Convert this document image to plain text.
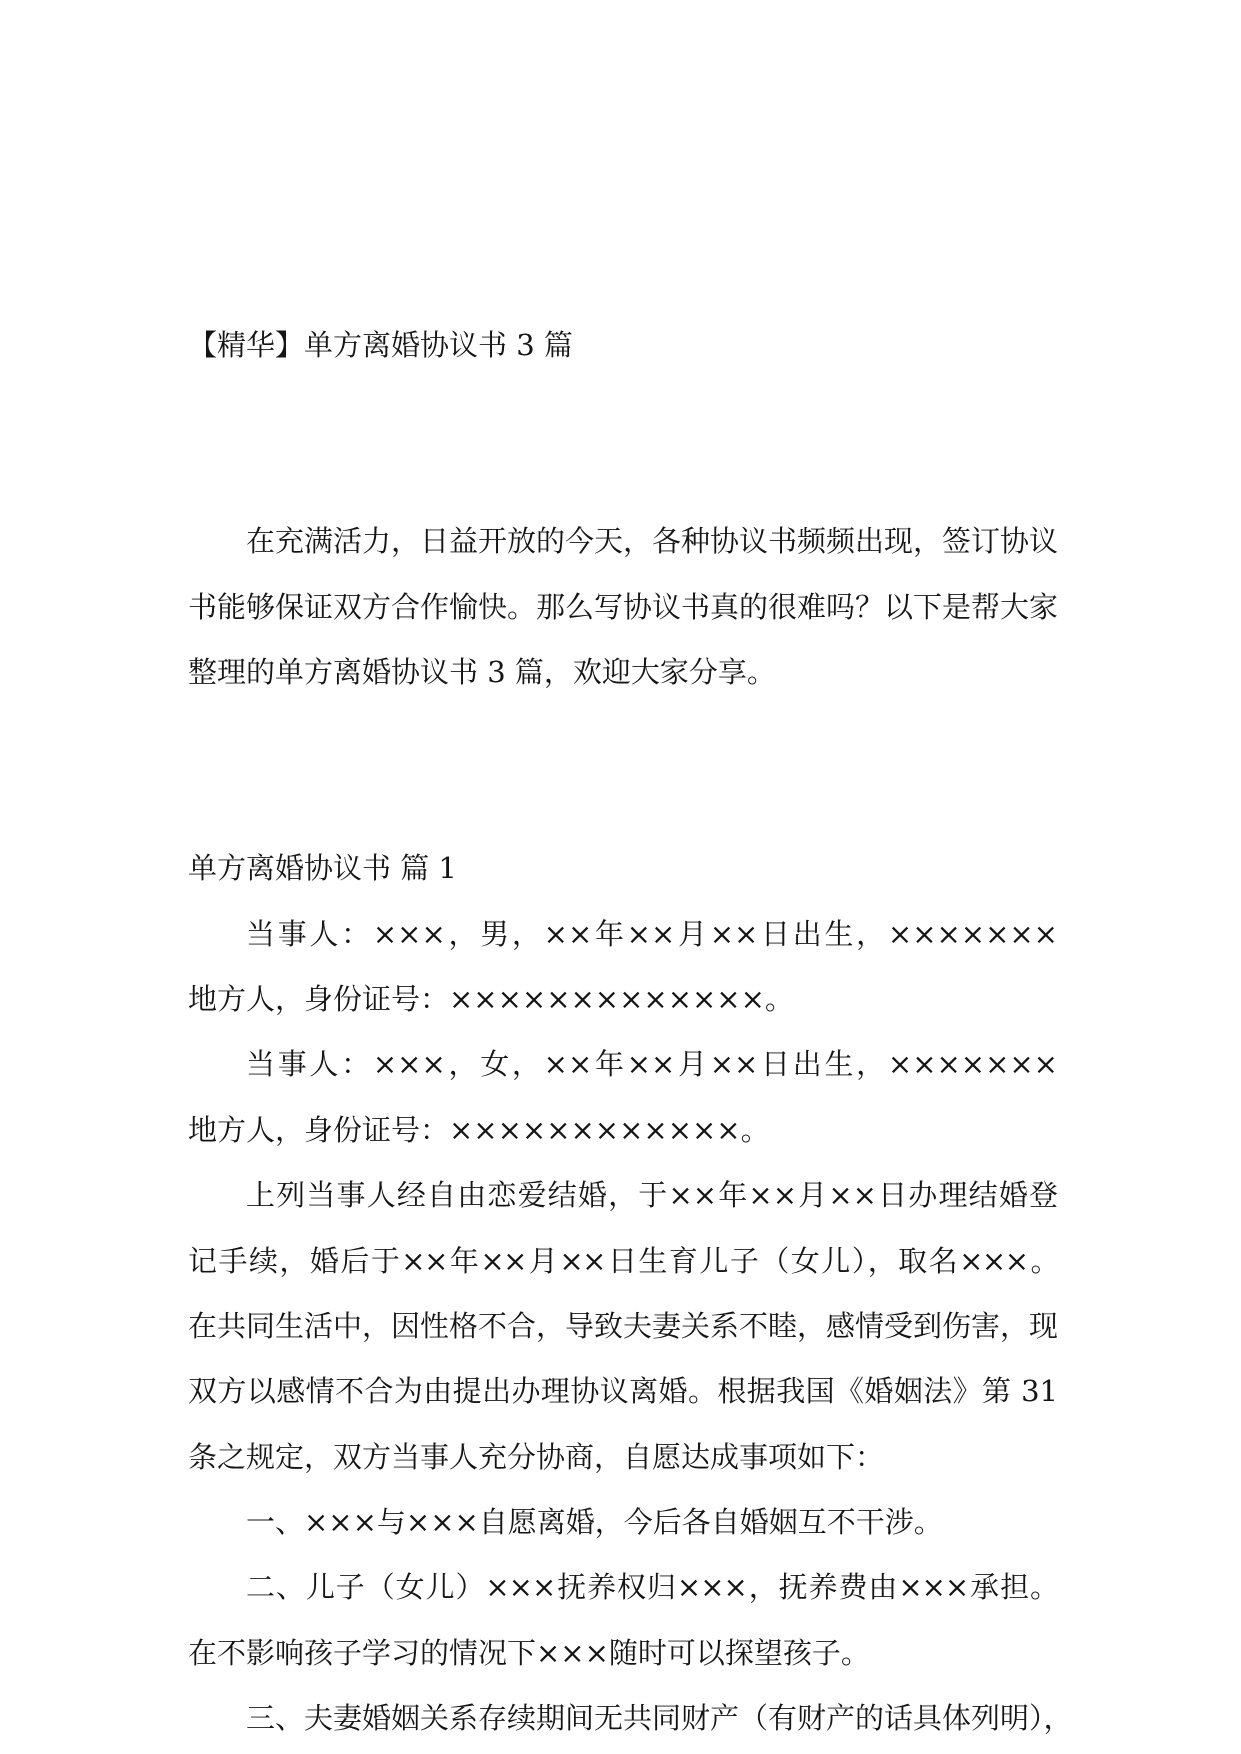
【精华】单方离婚协议书 3 篇
在充满活力，日益开放的今天，各种协议书频频出现，签订协议
书能够保证双方合作愉快。那么写协议书真的很难吗？以下是帮大家
整理的单方离婚协议书 3 篇，欢迎大家分享。
单方离婚协议书 篇 1
当事人：×××，男，××年××月××日出生，×××××××
地方人，身份证号：×××××××××××××。
当事人：×××，女，××年××月××日出生，×××××××
地方人，身份证号：××××××××××××。
上列当事人经自由恋爱结婚，于××年××月××日办理结婚登
记手续，婚后于××年××月××日生育儿子（女儿），取名×××。
在共同生活中，因性格不合，导致夫妻关系不睦，感情受到伤害，现
双方以感情不合为由提出办理协议离婚。根据我国《婚姻法》第 31
条之规定，双方当事人充分协商，自愿达成事项如下：
一、×××与×××自愿离婚，今后各自婚姻互不干涉。
二、儿子（女儿）×××抚养权归×××，抚养费由×××承担。
在不影响孩子学习的情况下×××随时可以探望孩子。
三、夫妻婚姻关系存续期间无共同财产（有财产的话具体列明），
